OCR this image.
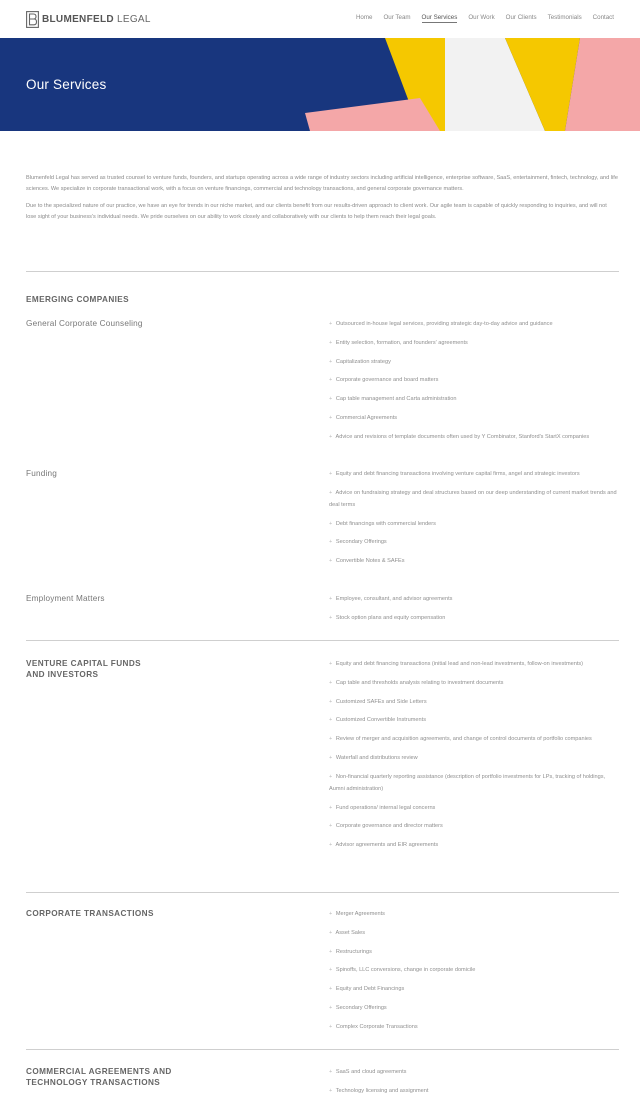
BLUMENFELD LEGAL	Home Our Team Our Services Our Work Our Clients Testimonials Contact
Our Services

Blumenfeld Legal has served as trusted counsel to venture funds, founders, and startups operating across a wide range of industry sectors including artificial intelligence, enterprise software, SaaS, entertainment, fintech, technology, and life sciences. We specialize in corporate transactional work, with a focus on venture financings, commercial and technology transactions, and general corporate governance matters.

Due to the specialized nature of our practice, we have an eye for trends in our niche market, and our clients benefit from our results-driven approach to client work. Our agile team is capable of quickly responding to inquiries, and will not lose sight of your business's individual needs. We pride ourselves on our ability to work closely and collaboratively with our clients to help them reach their legal goals.

EMERGING COMPANIES
General Corporate Counseling	+ Outsourced in-house legal services, providing strategic day-to-day advice and guidance
+ Entity selection, formation, and founders' agreements
+ Capitalization strategy
+ Corporate governance and board matters
+ Cap table management and Carta administration
+ Commercial Agreements
+ Advice and revisions of template documents often used by Y Combinator, Stanford's StartX companies
Funding	+ Equity and debt financing transactions involving venture capital firms, angel and strategic investors
+ Advice on fundraising strategy and deal structures based on our deep understanding of current market trends and deal terms
+ Debt financings with commercial lenders
+ Secondary Offerings
+ Convertible Notes & SAFEs
Employment Matters	+ Employee, consultant, and advisor agreements
+ Stock option plans and equity compensation
VENTURE CAPITAL FUNDS
AND INVESTORS
+ Equity and debt financing transactions (initial lead and non-lead investments, follow-on investments)
+ Cap table and thresholds analysis relating to investment documents
+ Customized SAFEs and Side Letters
+ Customized Convertible Instruments
+ Review of merger and acquisition agreements, and change of control documents of portfolio companies
+ Waterfall and distributions review
+ Non-financial quarterly reporting assistance (description of portfolio investments for LPs, tracking of holdings, Aumni administration)
+ Fund operations/ internal legal concerns
+ Corporate governance and director matters
+ Advisor agreements and EIR agreements
CORPORATE TRANSACTIONS	+ Merger Agreements
+ Asset Sales
+ Restructurings
+ Spinoffs, LLC conversions, change in corporate domicile
+ Equity and Debt Financings
+ Secondary Offerings
+ Complex Corporate Transactions
COMMERCIAL AGREEMENTS AND
TECHNOLOGY TRANSACTIONS
+ SaaS and cloud agreements
+ Technology licensing and assignment
